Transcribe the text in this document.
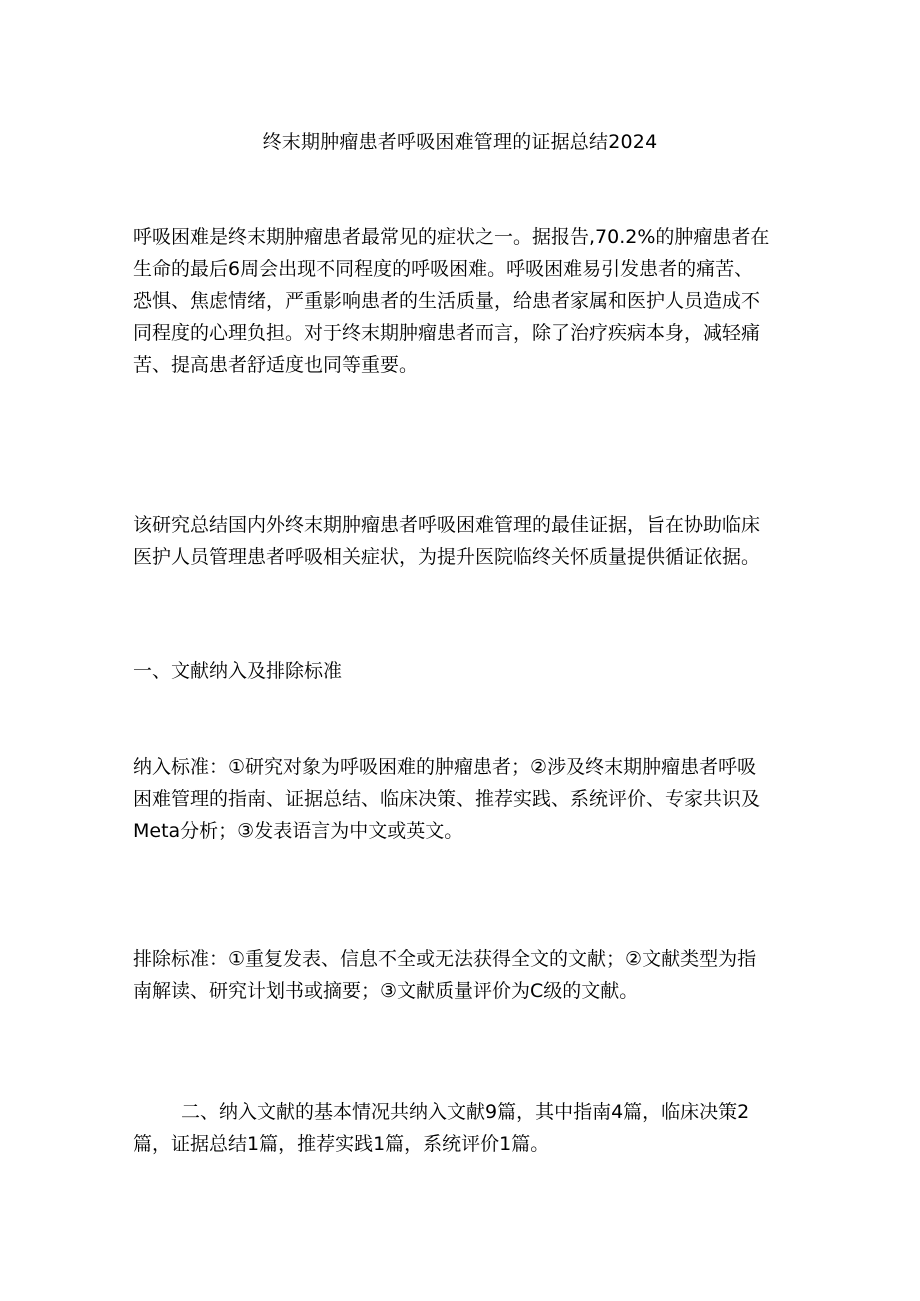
终末期肿瘤患者呼吸困难管理的证据总结2024
呼吸困难是终末期肿瘤患者最常见的症状之一。据报告,70.2%的肿瘤患者在
生命的最后6周会出现不同程度的呼吸困难。呼吸困难易引发患者的痛苦、
恐惧、焦虑情绪，严重影响患者的生活质量，给患者家属和医护人员造成不
同程度的心理负担。对于终末期肿瘤患者而言，除了治疗疾病本身，减轻痛
苦、提高患者舒适度也同等重要。
该研究总结国内外终末期肿瘤患者呼吸困难管理的最佳证据，旨在协助临床
医护人员管理患者呼吸相关症状，为提升医院临终关怀质量提供循证依据。
一、文献纳入及排除标准
纳入标准：①研究对象为呼吸困难的肿瘤患者；②涉及终末期肿瘤患者呼吸
困难管理的指南、证据总结、临床决策、推荐实践、系统评价、专家共识及
Meta分析；③发表语言为中文或英文。
排除标准：①重复发表、信息不全或无法获得全文的文献；②文献类型为指
南解读、研究计划书或摘要；③文献质量评价为C级的文献。
二、纳入文献的基本情况共纳入文献9篇，其中指南4篇，临床决策2
篇，证据总结1篇，推荐实践1篇，系统评价1篇。
